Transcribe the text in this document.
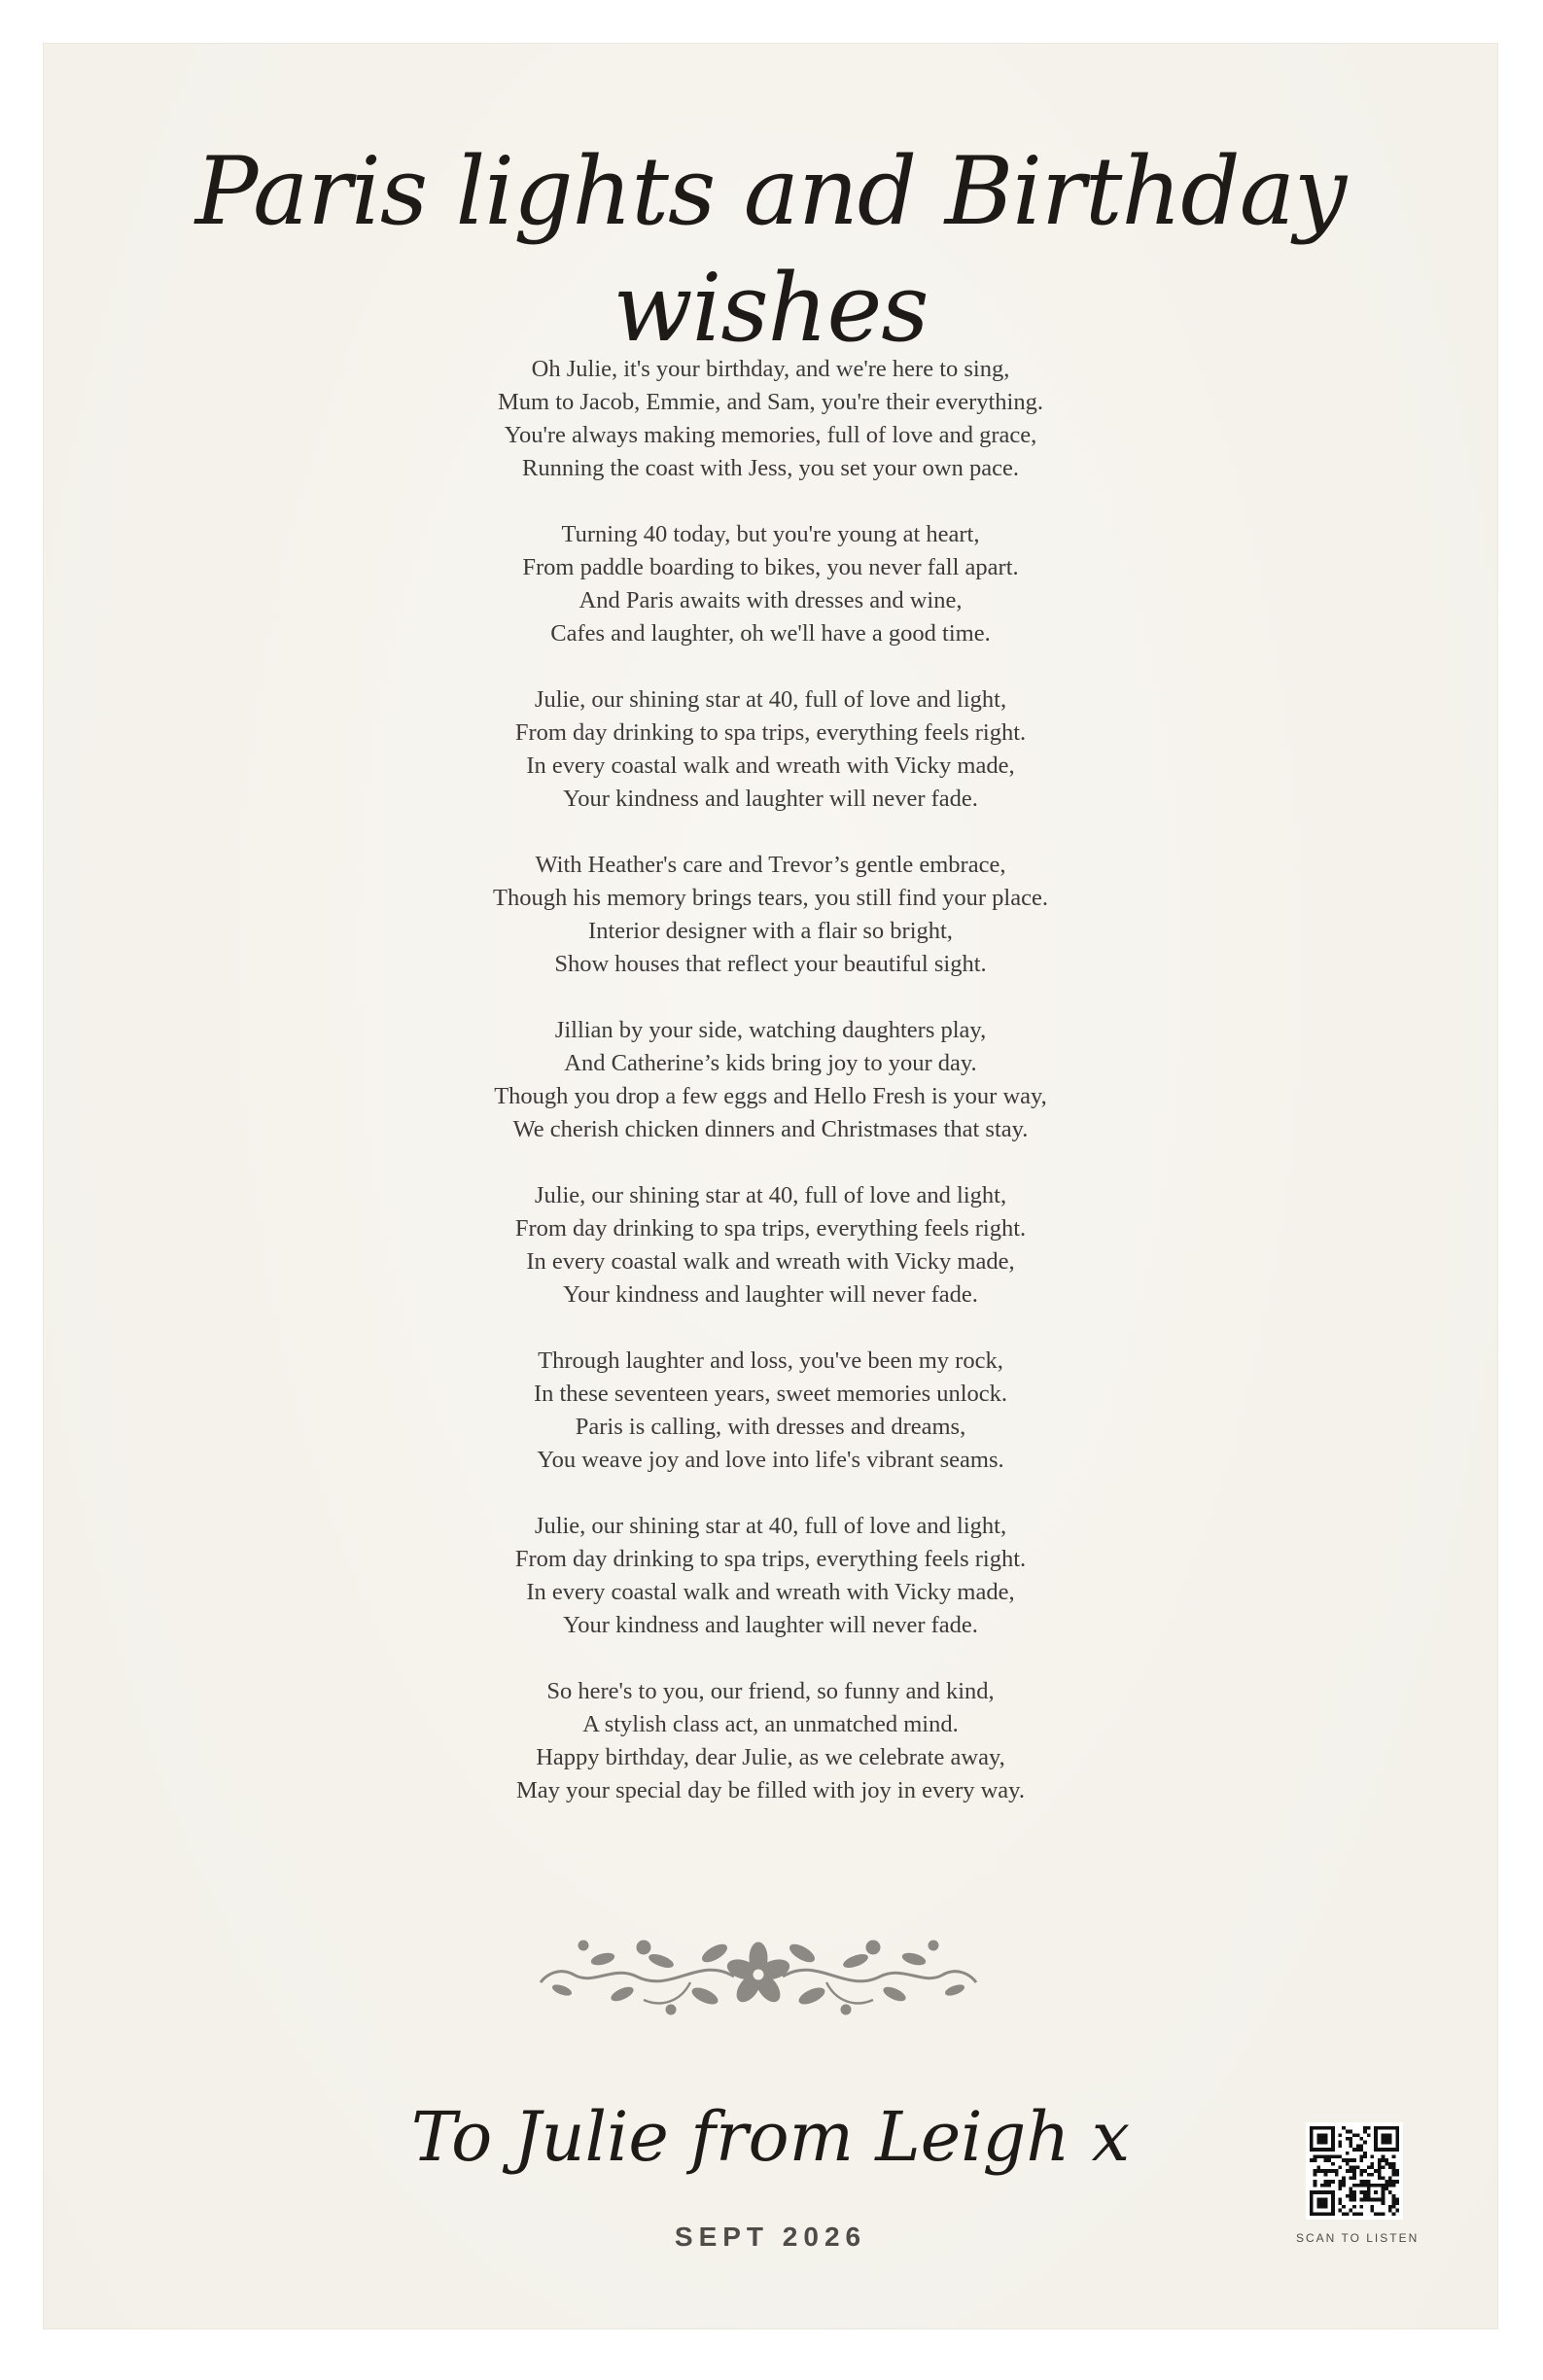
Paris lights and Birthday wishes
Oh Julie, it's your birthday, and we're here to sing,
Mum to Jacob, Emmie, and Sam, you're their everything.
You're always making memories, full of love and grace,
Running the coast with Jess, you set your own pace.
Turning 40 today, but you're young at heart,
From paddle boarding to bikes, you never fall apart.
And Paris awaits with dresses and wine,
Cafes and laughter, oh we'll have a good time.
Julie, our shining star at 40, full of love and light,
From day drinking to spa trips, everything feels right.
In every coastal walk and wreath with Vicky made,
Your kindness and laughter will never fade.
With Heather's care and Trevor’s gentle embrace,
Though his memory brings tears, you still find your place.
Interior designer with a flair so bright,
Show houses that reflect your beautiful sight.
Jillian by your side, watching daughters play,
And Catherine’s kids bring joy to your day.
Though you drop a few eggs and Hello Fresh is your way,
We cherish chicken dinners and Christmases that stay.
Julie, our shining star at 40, full of love and light,
From day drinking to spa trips, everything feels right.
In every coastal walk and wreath with Vicky made,
Your kindness and laughter will never fade.
Through laughter and loss, you've been my rock,
In these seventeen years, sweet memories unlock.
Paris is calling, with dresses and dreams,
You weave joy and love into life's vibrant seams.
Julie, our shining star at 40, full of love and light,
From day drinking to spa trips, everything feels right.
In every coastal walk and wreath with Vicky made,
Your kindness and laughter will never fade.
So here's to you, our friend, so funny and kind,
A stylish class act, an unmatched mind.
Happy birthday, dear Julie, as we celebrate away,
May your special day be filled with joy in every way.
To Julie from Leigh x
SEPT 2026	SCAN TO LISTEN
